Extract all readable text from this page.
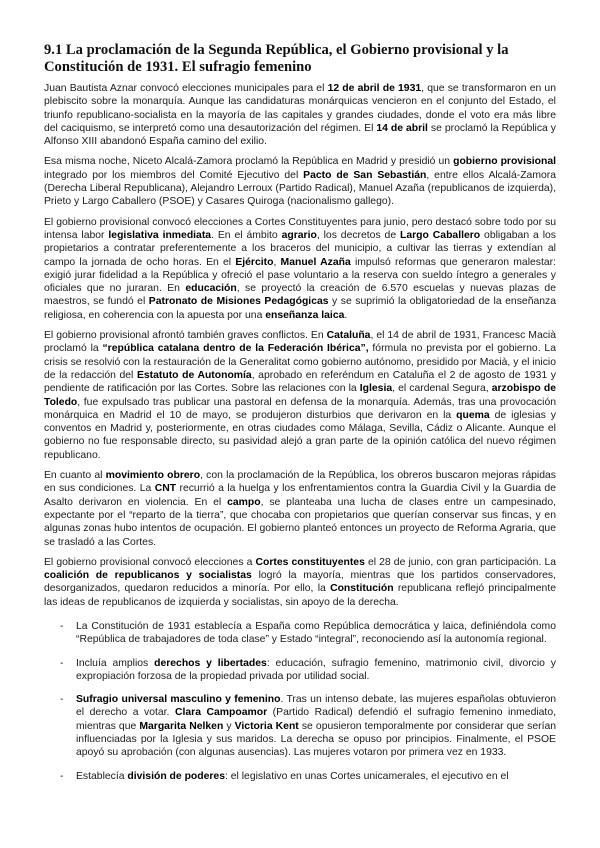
9.1 La proclamación de la Segunda República, el Gobierno provisional y la Constitución de 1931. El sufragio femenino

Juan Bautista Aznar convocó elecciones municipales para el 12 de abril de 1931, que se transformaron en un plebiscito sobre la monarquía. Aunque las candidaturas monárquicas vencieron en el conjunto del Estado, el triunfo republicano-socialista en la mayoría de las capitales y grandes ciudades, donde el voto era más libre del caciquismo, se interpretó como una desautorización del régimen. El 14 de abril se proclamó la República y Alfonso XIII abandonó España camino del exilio.

Esa misma noche, Niceto Alcalá-Zamora proclamó la República en Madrid y presidió un gobierno provisional integrado por los miembros del Comité Ejecutivo del Pacto de San Sebastián, entre ellos Alcalá-Zamora (Derecha Liberal Republicana), Alejandro Lerroux (Partido Radical), Manuel Azaña (republicanos de izquierda), Prieto y Largo Caballero (PSOE) y Casares Quiroga (nacionalismo gallego).

El gobierno provisional convocó elecciones a Cortes Constituyentes para junio, pero destacó sobre todo por su intensa labor legislativa inmediata. En el ámbito agrario, los decretos de Largo Caballero obligaban a los propietarios a contratar preferentemente a los braceros del municipio, a cultivar las tierras y extendían al campo la jornada de ocho horas. En el Ejército, Manuel Azaña impulsó reformas que generaron malestar: exigió jurar fidelidad a la República y ofreció el pase voluntario a la reserva con sueldo íntegro a generales y oficiales que no juraran. En educación, se proyectó la creación de 6.570 escuelas y nuevas plazas de maestros, se fundó el Patronato de Misiones Pedagógicas y se suprimió la obligatoriedad de la enseñanza religiosa, en coherencia con la apuesta por una enseñanza laica.

El gobierno provisional afrontó también graves conflictos. En Cataluña, el 14 de abril de 1931, Francesc Macià proclamó la “república catalana dentro de la Federación Ibérica”, fórmula no prevista por el gobierno. La crisis se resolvió con la restauración de la Generalitat como gobierno autónomo, presidido por Macià, y el inicio de la redacción del Estatuto de Autonomía, aprobado en referéndum en Cataluña el 2 de agosto de 1931 y pendiente de ratificación por las Cortes. Sobre las relaciones con la Iglesia, el cardenal Segura, arzobispo de Toledo, fue expulsado tras publicar una pastoral en defensa de la monarquía. Además, tras una provocación monárquica en Madrid el 10 de mayo, se produjeron disturbios que derivaron en la quema de iglesias y conventos en Madrid y, posteriormente, en otras ciudades como Málaga, Sevilla, Cádiz o Alicante. Aunque el gobierno no fue responsable directo, su pasividad alejó a gran parte de la opinión católica del nuevo régimen republicano.

En cuanto al movimiento obrero, con la proclamación de la República, los obreros buscaron mejoras rápidas en sus condiciones. La CNT recurrió a la huelga y los enfrentamientos contra la Guardia Civil y la Guardia de Asalto derivaron en violencia. En el campo, se planteaba una lucha de clases entre un campesinado, expectante por el “reparto de la tierra”, que chocaba con propietarios que querían conservar sus fincas, y en algunas zonas hubo intentos de ocupación. El gobierno planteó entonces un proyecto de Reforma Agraria, que se trasladó a las Cortes.

El gobierno provisional convocó elecciones a Cortes constituyentes el 28 de junio, con gran participación. La coalición de republicanos y socialistas logró la mayoría, mientras que los partidos conservadores, desorganizados, quedaron reducidos a minoría. Por ello, la Constitución republicana reflejó principalmente las ideas de republicanos de izquierda y socialistas, sin apoyo de la derecha.

- La Constitución de 1931 establecía a España como República democrática y laica, definiéndola como “República de trabajadores de toda clase” y Estado “integral”, reconociendo así la autonomía regional.
- Incluía amplios derechos y libertades: educación, sufragio femenino, matrimonio civil, divorcio y expropiación forzosa de la propiedad privada por utilidad social.
- Sufragio universal masculino y femenino. Tras un intenso debate, las mujeres españolas obtuvieron el derecho a votar. Clara Campoamor (Partido Radical) defendió el sufragio femenino inmediato, mientras que Margarita Nelken y Victoria Kent se opusieron temporalmente por considerar que serían influenciadas por la Iglesia y sus maridos. La derecha se opuso por principios. Finalmente, el PSOE apoyó su aprobación (con algunas ausencias). Las mujeres votaron por primera vez en 1933.
- Establecía división de poderes: el legislativo en unas Cortes unicamerales, el ejecutivo en el
